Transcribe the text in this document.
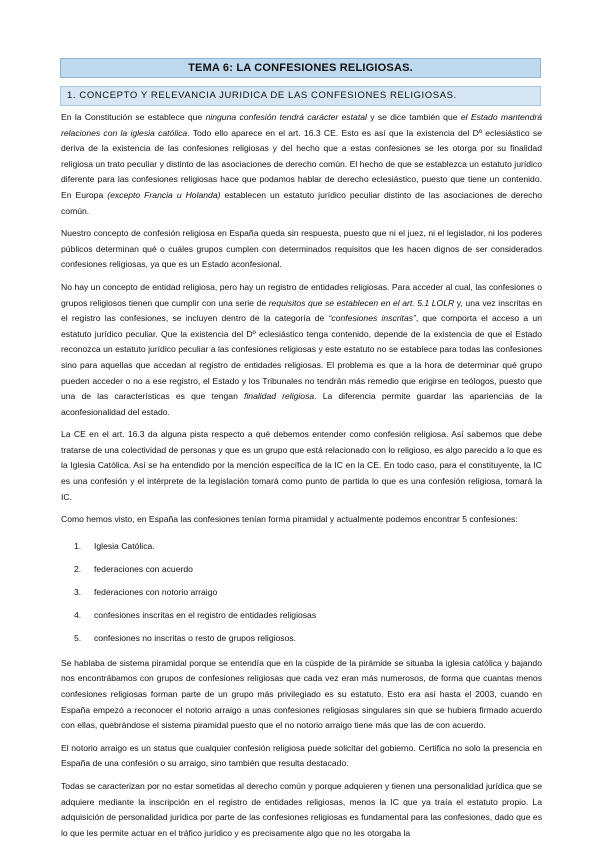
TEMA 6: LA CONFESIONES RELIGIOSAS.
1. CONCEPTO Y RELEVANCIA JURIDICA DE LAS CONFESIONES RELIGIOSAS.

En la Constitución se establece que ninguna confesión tendrá carácter estatal y se dice también que el Estado mantendrá relaciones con la iglesia católica. Todo ello aparece en el art. 16.3 CE. Esto es así que la existencia del Dº eclesiástico se deriva de la existencia de las confesiones religiosas y del hecho que a estas confesiones se les otorga por su finalidad religiosa un trato peculiar y distinto de las asociaciones de derecho común. El hecho de que se establezca un estatuto jurídico diferente para las confesiones religiosas hace que podamos hablar de derecho eclesiástico, puesto que tiene un contenido. En Europa (excepto Francia u Holanda) establecen un estatuto jurídico peculiar distinto de las asociaciones de derecho común.

Nuestro concepto de confesión religiosa en España queda sin respuesta, puesto que ni el juez, ni el legislador, ni los poderes públicos determinan qué o cuáles grupos cumplen con determinados requisitos que les hacen dignos de ser considerados confesiones religiosas, ya que es un Estado aconfesional.

No hay un concepto de entidad religiosa, pero hay un registro de entidades religiosas. Para acceder al cual, las confesiones o grupos religiosos tienen que cumplir con una serie de requisitos que se establecen en el art. 5.1 LOLR y, una vez inscritas en el registro las confesiones, se incluyen dentro de la categoría de “confesiones inscritas”, que comporta el acceso a un estatuto jurídico peculiar. Que la existencia del Dº eclesiástico tenga contenido, depende de la existencia de que el Estado reconozca un estatuto jurídico peculiar a las confesiones religiosas y este estatuto no se establece para todas las confesiones sino para aquellas que accedan al registro de entidades religiosas. El problema es que a la hora de determinar qué grupo pueden acceder o no a ese registro, el Estado y los Tribunales no tendrán más remedio que erigirse en teólogos, puesto que una de las características es que tengan finalidad religiosa. La diferencia permite guardar las apariencias de la aconfesionalidad del estado.

La CE en el art. 16.3 da alguna pista respecto a qué debemos entender como confesión religiosa. Así sabemos que debe tratarse de una colectividad de personas y que es un grupo que está relacionado con lo religioso, es algo parecido a lo que es la Iglesia Católica. Así se ha entendido por la mención específica de la IC en la CE. En todo caso, para el constituyente, la IC es una confesión y el intérprete de la legislación tomará como punto de partida lo que es una confesión religiosa, tomará la IC.

Como hemos visto, en España las confesiones tenían forma piramidal y actualmente podemos encontrar 5 confesiones:

1. Iglesia Católica.
2. federaciones con acuerdo
3. federaciones con notorio arraigo
4. confesiones inscritas en el registro de entidades religiosas
5. confesiones no inscritas o resto de grupos religiosos.

Se hablaba de sistema piramidal porque se entendía que en la cúspide de la pirámide se situaba la iglesia católica y bajando nos encontrábamos con grupos de confesiones religiosas que cada vez eran más numerosos, de forma que cuantas menos confesiones religiosas forman parte de un grupo más privilegiado es su estatuto. Esto era así hasta el 2003, cuando en España empezó a reconocer el notorio arraigo a unas confesiones religiosas singulares sin que se hubiera firmado acuerdo con ellas, quebrándose el sistema piramidal puesto que el no notorio arraigo tiene más que las de con acuerdo.

El notorio arraigo es un status que cualquier confesión religiosa puede solicitar del gobierno. Certifica no solo la presencia en España de una confesión o su arraigo, sino también que resulta destacado.

Todas se caracterizan por no estar sometidas al derecho común y porque adquieren y tienen una personalidad jurídica que se adquiere mediante la inscripción en el registro de entidades religiosas, menos la IC que ya traía el estatuto propio. La adquisición de personalidad jurídica por parte de las confesiones religiosas es fundamental para las confesiones, dado que es lo que les permite actuar en el tráfico jurídico y es precisamente algo que no les otorgaba la
